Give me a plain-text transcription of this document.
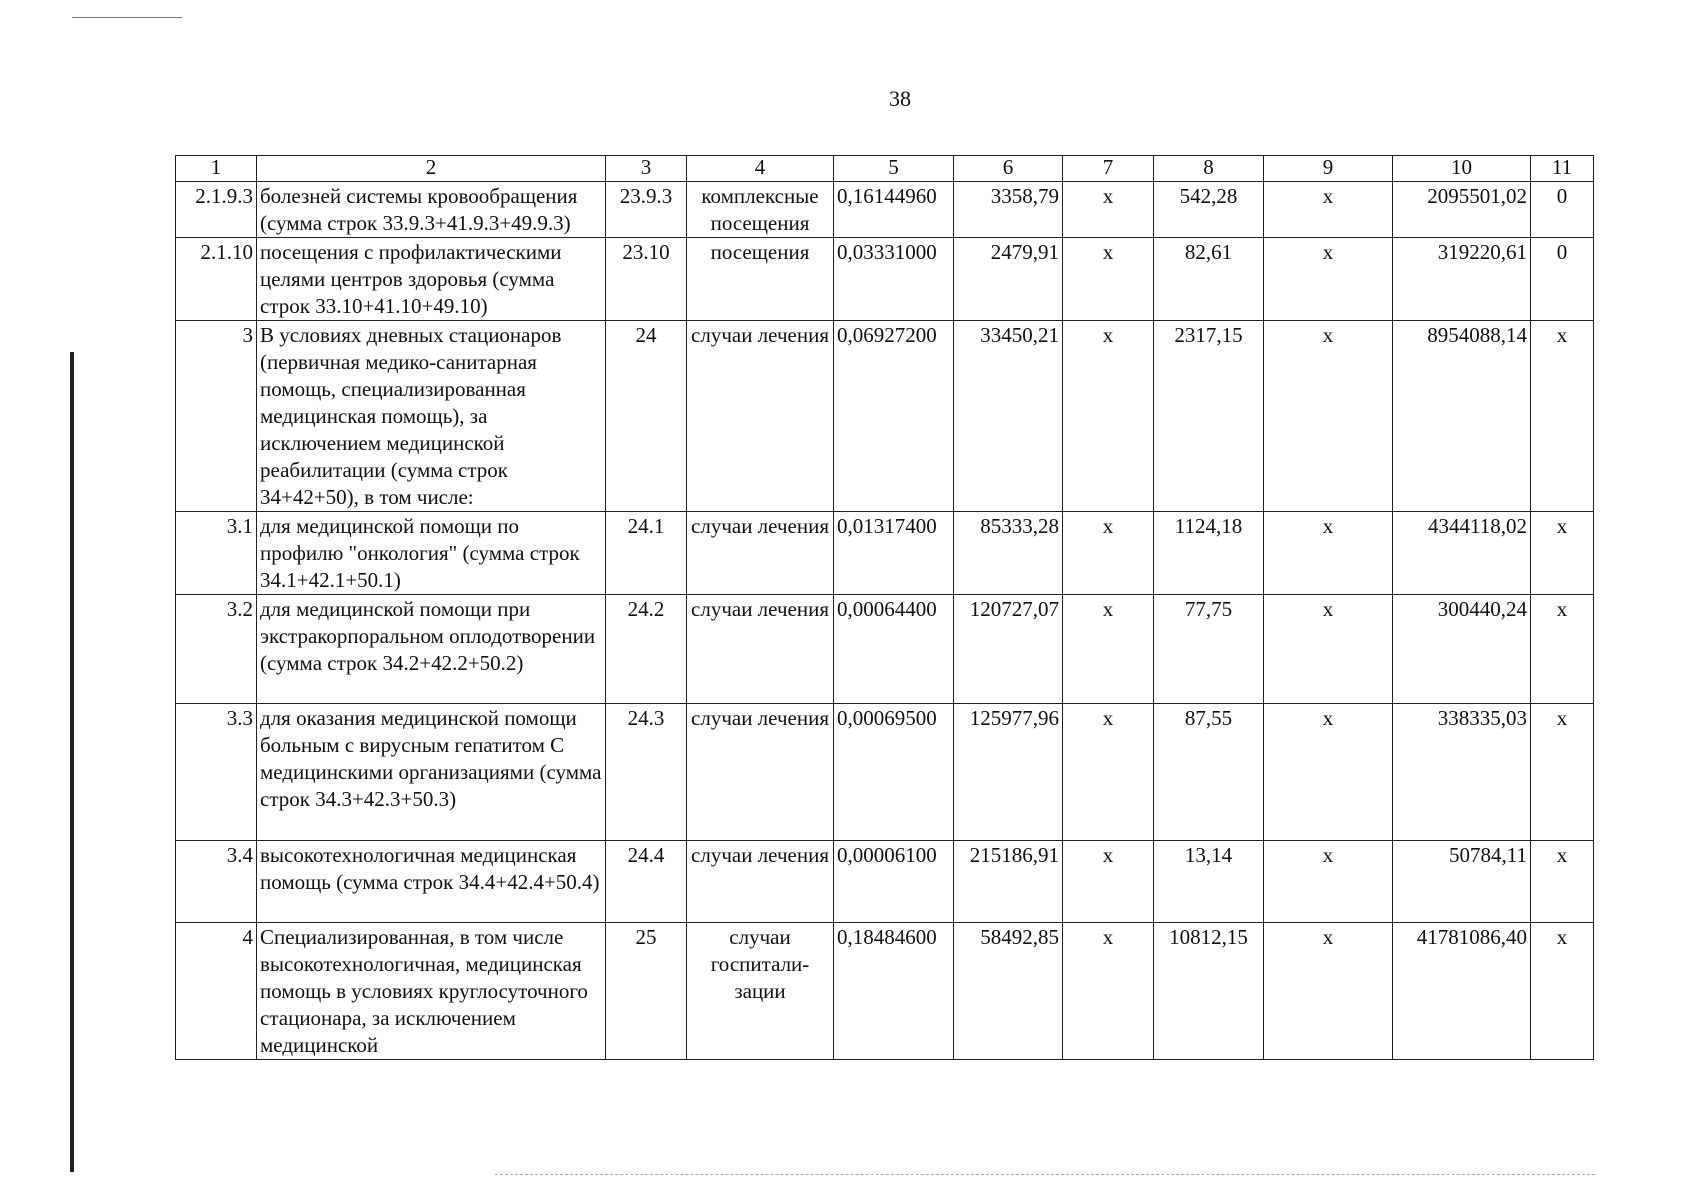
38
1	2	3	4	5	6	7	8	9	10	11
2.1.9.3	болезней системы кровообращения (сумма строк 33.9.3+41.9.3+49.9.3)	23.9.3	комплексные посещения	0,16144960	3358,79	x	542,28	x	2095501,02	0
2.1.10	посещения с профилактическими целями центров здоровья (сумма строк 33.10+41.10+49.10)	23.10	посещения	0,03331000	2479,91	x	82,61	x	319220,61	0
3	В условиях дневных стационаров (первичная медико-санитарная помощь, специализированная медицинская помощь), за исключением медицинской реабилитации (сумма строк 34+42+50), в том числе:	24	случаи лечения	0,06927200	33450,21	x	2317,15	x	8954088,14	x
3.1	для медицинской помощи по профилю "онкология" (сумма строк 34.1+42.1+50.1)	24.1	случаи лечения	0,01317400	85333,28	x	1124,18	x	4344118,02	x
3.2	для медицинской помощи при экстракорпоральном оплодотворении (сумма строк 34.2+42.2+50.2)	24.2	случаи лечения	0,00064400	120727,07	x	77,75	x	300440,24	x
3.3	для оказания медицинской помощи больным с вирусным гепатитом С медицинскими организациями (сумма строк 34.3+42.3+50.3)	24.3	случаи лечения	0,00069500	125977,96	x	87,55	x	338335,03	x
3.4	высокотехнологичная медицинская помощь (сумма строк 34.4+42.4+50.4)	24.4	случаи лечения	0,00006100	215186,91	x	13,14	x	50784,11	x
4	Специализированная, в том числе высокотехнологичная, медицинская помощь в условиях круглосуточного стационара, за исключением медицинской	25	случаи госпитали-зации	0,18484600	58492,85	x	10812,15	x	41781086,40	x
